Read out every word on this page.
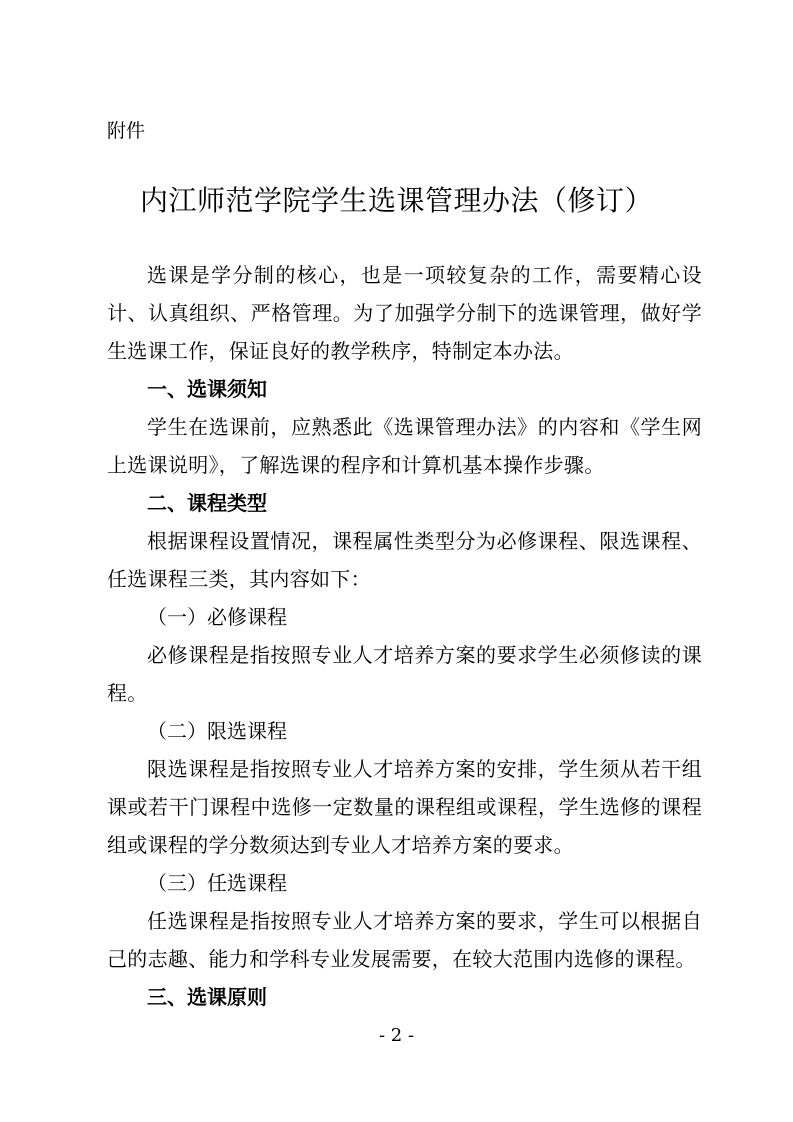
附件
内江师范学院学生选课管理办法（修订）

选课是学分制的核心，也是一项较复杂的工作，需要精心设计、认真组织、严格管理。为了加强学分制下的选课管理，做好学生选课工作，保证良好的教学秩序，特制定本办法。

一、选课须知

学生在选课前，应熟悉此《选课管理办法》的内容和《学生网上选课说明》，了解选课的程序和计算机基本操作步骤。

二、课程类型

根据课程设置情况，课程属性类型分为必修课程、限选课程、任选课程三类，其内容如下：

（一）必修课程

必修课程是指按照专业人才培养方案的要求学生必须修读的课程。

（二）限选课程

限选课程是指按照专业人才培养方案的安排，学生须从若干组课或若干门课程中选修一定数量的课程组或课程，学生选修的课程组或课程的学分数须达到专业人才培养方案的要求。

（三）任选课程

任选课程是指按照专业人才培养方案的要求，学生可以根据自己的志趣、能力和学科专业发展需要，在较大范围内选修的课程。

三、选课原则

- 2 -
